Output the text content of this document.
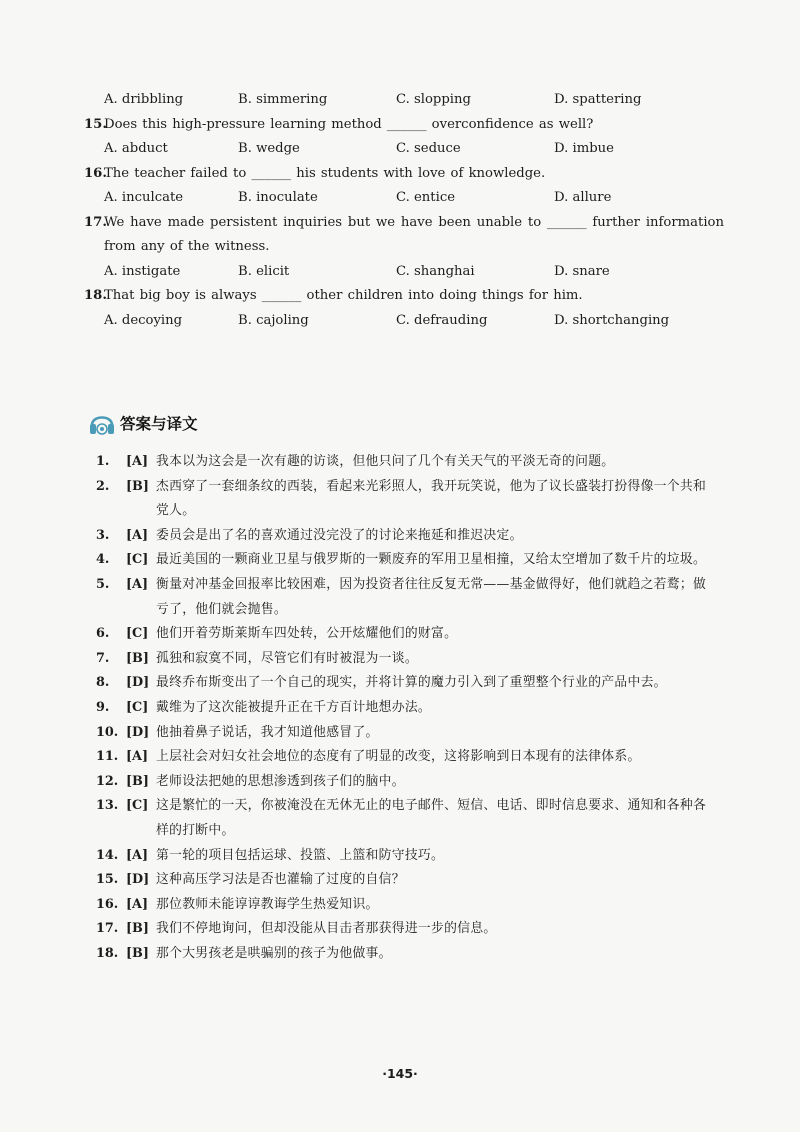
A. dribbling	B. simmering	C. slopping	D. spattering
15.
Does this high-pressure learning method ______ overconfidence as well?
A. abduct	B. wedge	C. seduce	D. imbue
16.
The teacher failed to ______ his students with love of knowledge.
A. inculcate	B. inoculate	C. entice	D. allure
17.
We have made persistent inquiries but we have been unable to ______ further information from any of the witness.
A. instigate	B. elicit	C. shanghai	D. snare
18.
That big boy is always ______ other children into doing things for him.
A. decoying	B. cajoling	C. defrauding	D. shortchanging
答案与译文
1.	[A] 我本以为这会是一次有趣的访谈，但他只问了几个有关天气的平淡无奇的问题。
2.	[B] 杰西穿了一套细条纹的西装，看起来光彩照人，我开玩笑说，他为了议长盛装打扮得像一个共和党人。
3.	[A] 委员会是出了名的喜欢通过没完没了的讨论来拖延和推迟决定。
4.	[C] 最近美国的一颗商业卫星与俄罗斯的一颗废弃的军用卫星相撞，又给太空增加了数千片的垃圾。
5.	[A] 衡量对冲基金回报率比较困难，因为投资者往往反复无常——基金做得好，他们就趋之若鹜；做亏了，他们就会抛售。
6.	[C] 他们开着劳斯莱斯车四处转，公开炫耀他们的财富。
7.	[B] 孤独和寂寞不同，尽管它们有时被混为一谈。
8.	[D] 最终乔布斯变出了一个自己的现实，并将计算的魔力引入到了重塑整个行业的产品中去。
9.	[C] 戴维为了这次能被提升正在千方百计地想办法。
10. [D] 他抽着鼻子说话，我才知道他感冒了。
11. [A] 上层社会对妇女社会地位的态度有了明显的改变，这将影响到日本现有的法律体系。
12. [B] 老师设法把她的思想渗透到孩子们的脑中。
13. [C] 这是繁忙的一天，你被淹没在无休无止的电子邮件、短信、电话、即时信息要求、通知和各种各样的打断中。
14. [A] 第一轮的项目包括运球、投篮、上篮和防守技巧。
15. [D] 这种高压学习法是否也灌输了过度的自信？
16. [A] 那位教师未能谆谆教诲学生热爱知识。
17. [B] 我们不停地询问，但却没能从目击者那获得进一步的信息。
18. [B] 那个大男孩老是哄骗别的孩子为他做事。
·145·
